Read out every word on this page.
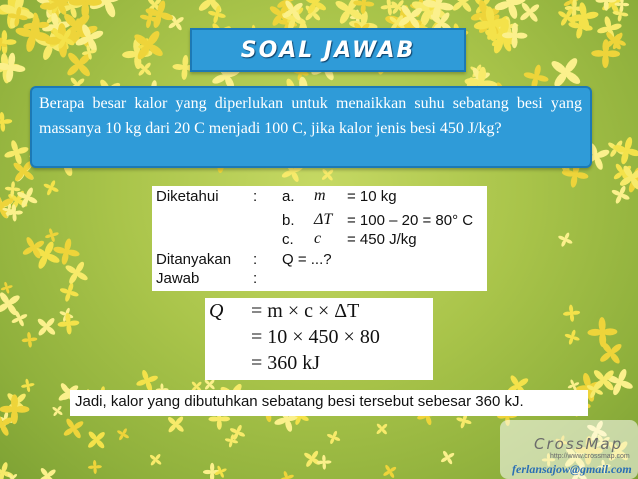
SOAL JAWAB

Berapa besar kalor yang diperlukan untuk menaikkan suhu sebatang besi yang massanya 10 kg dari 20 C menjadi 100 C, jika kalor jenis besi 450 J/kg?

Diketahui : a. m = 10 kg
b. ΔT = 100 – 20 = 80° C
c. c = 450 J/kg
Ditanyakan : Q = ...?
Jawab	:
Q = m × c × ΔT
= 10 × 450 × 80
= 360 kJ
Jadi, kalor yang dibutuhkan sebatang besi tersebut sebesar 360 kJ.
CrossMap
http://www.crossmap.com
ferlansajow@gmail.com
